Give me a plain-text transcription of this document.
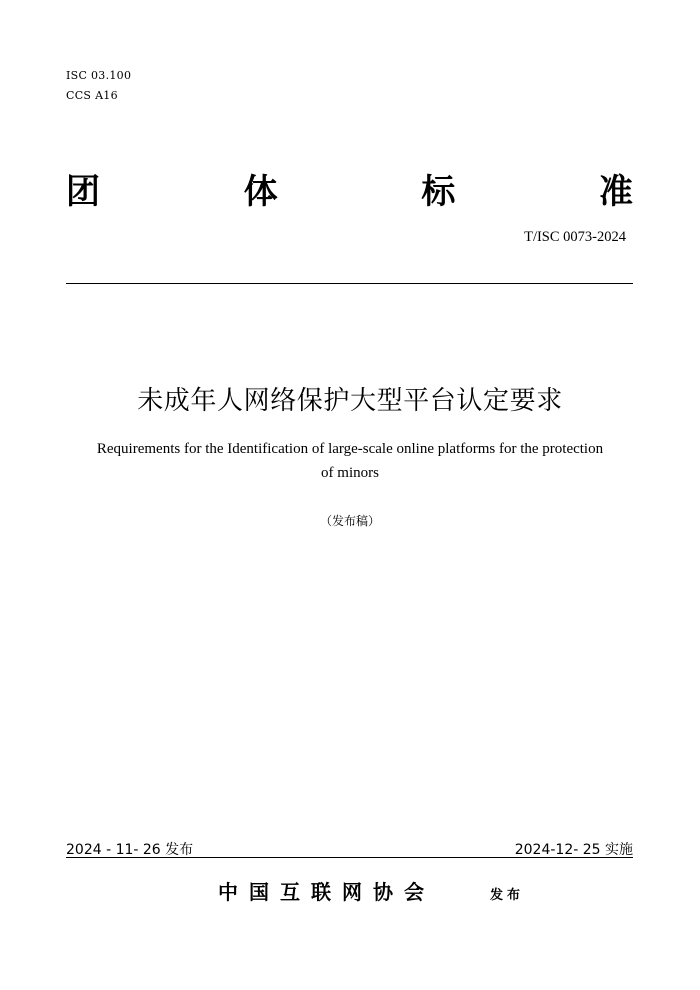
ISC 03.100
CCS A16
团	体	标	准
T/ISC 0073-2024
未成年人网络保护大型平台认定要求
Requirements for the Identification of large-scale online platforms for the protection of minors
（发布稿）
2024 - 11- 26 发布	2024-12- 25 实施
中国互联网协会	发布
